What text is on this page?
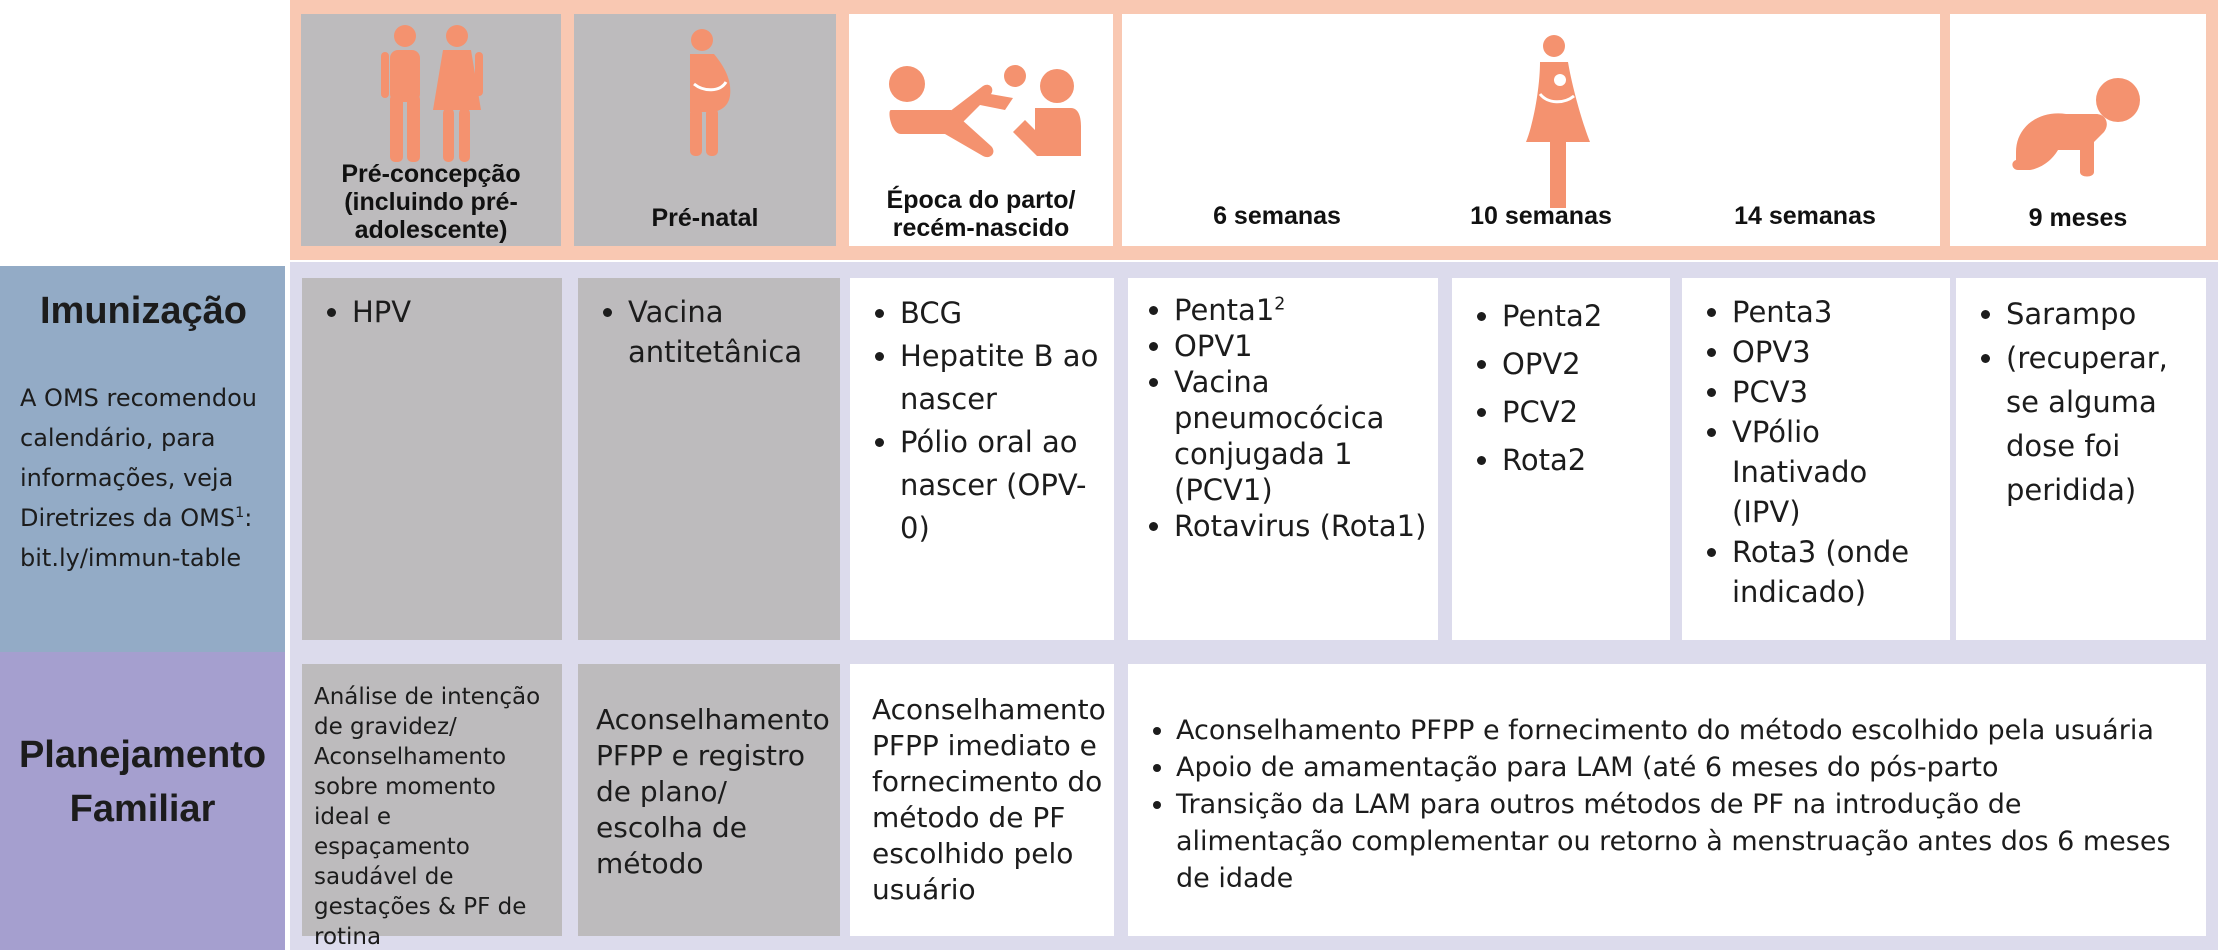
Pré-concepção
(incluindo pré-
adolescente)	Pré-natal
Época do parto/
recém-nascido	6 semanas	10 semanas	14 semanas	9 meses
Imunização
A OMS recomendou
calendário, para
informações, veja
Diretrizes da OMS$^1$:
bit.ly/immun-table
• HPV
•	Vacina antitetânica
• BCG
• Hepatite B ao nascer
• Pólio oral ao nascer (OPV-0)
• $Penta1^2$
• OPV1
• Vacina pneumocócica conjugada 1 (PCV1)
• Rotavirus (Rota1)
• Penta2
• OPV2
• PCV2
• Rota2
• Penta3
• OPV3
• PCV3
• VPólio Inativado (IPV)
• Rota3 (onde indicado)
• Sarampo
• (recuperar, se alguma dose foi peridida)
Planejamento
Familiar
Análise de intenção de gravidez/ Aconselhamento sobre momento ideal e espaçamento saudável de gestações & PF de rotina
Aconselhamento PFPP e registro de plano/ escolha de método
Aconselhamento PFPP imediato e fornecimento do método de PF escolhido pelo usuário
• Aconselhamento PFPP e fornecimento do método escolhido pela usuária
• Apoio de amamentação para LAM (até 6 meses do pós-parto
• Transição da LAM para outros métodos de PF na introdução de alimentação complementar ou retorno à menstruação antes dos 6 meses de idade
